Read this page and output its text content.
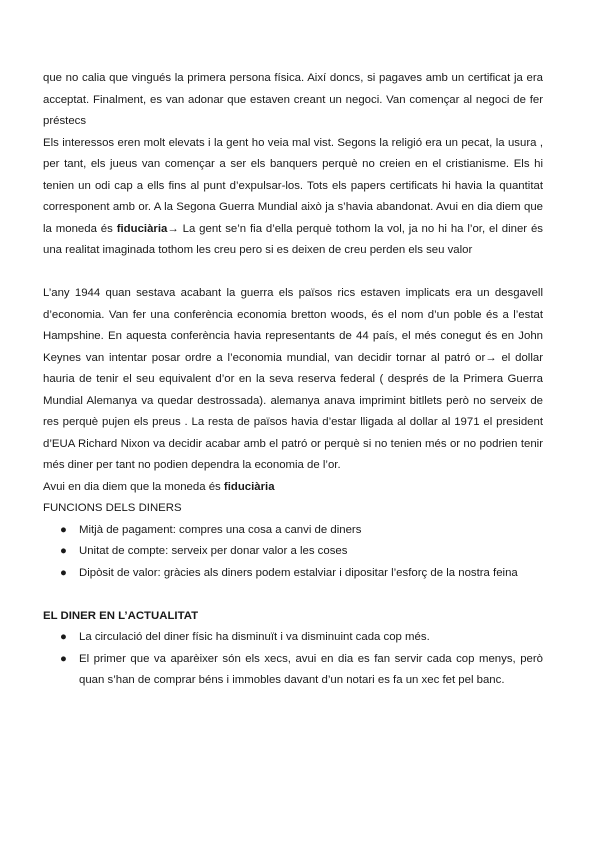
que no calia que vingués la primera persona física. Així doncs, si pagaves amb un certificat ja era acceptat. Finalment, es van adonar que estaven creant un negoci. Van començar al negoci de fer préstecs

Els interessos eren molt elevats i la gent ho veia mal vist. Segons la religió era un pecat, la usura , per tant, els jueus van començar a ser els banquers perquè no creien en el cristianisme. Els hi tenien un odi cap a ells fins al punt d’expulsar-los. Tots els papers certificats hi havia la quantitat corresponent amb or. A la Segona Guerra Mundial això ja s’havia abandonat. Avui en dia diem que la moneda és fiduciària→ La gent se’n fia d’ella perquè tothom la vol, ja no hi ha l’or, el diner és una realitat imaginada tothom les creu pero si es deixen de creu perden els seu valor

L’any 1944 quan sestava acabant la guerra els països rics estaven implicats era un desgavell d’economia. Van fer una conferència economia bretton woods, és el nom d’un poble és a l’estat Hampshine. En aquesta conferència havia representants de 44 país, el més conegut és en John Keynes van intentar posar ordre a l’economia mundial, van decidir tornar al patró or→ el dollar hauria de tenir el seu equivalent d’or en la seva reserva federal ( després de la Primera Guerra Mundial Alemanya va quedar destrossada). alemanya anava imprimint bitllets però no serveix de res perquè pujen els preus . La resta de països havia d’estar lligada al dollar al 1971 el president d’EUA Richard Nixon va decidir acabar amb el patró or perquè si no tenien més or no podrien tenir més diner per tant no podien dependra la economia de l’or.

Avui en dia diem que la moneda és fiduciària

FUNCIONS DELS DINERS

● Mitjà de pagament: compres una cosa a canvi de diners
● Unitat de compte: serveix per donar valor a les coses
● Dipòsit de valor: gràcies als diners podem estalviar i dipositar l’esforç de la nostra feina

EL DINER EN L’ACTUALITAT

● La circulació del diner físic ha disminuït i va disminuint cada cop més.
● El primer que va aparèixer són els xecs, avui en dia es fan servir cada cop menys, però quan s’han de comprar béns i immobles davant d’un notari es fa un xec fet pel banc.
